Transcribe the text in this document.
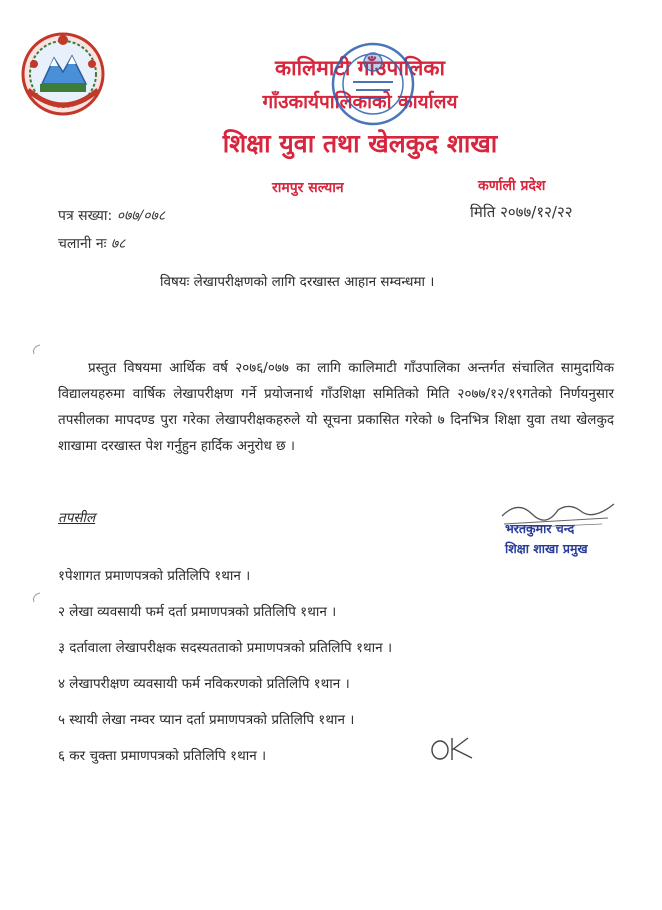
कालिमाटी गाँउपालिका
गाँउकार्यपालिकाको कार्यालय
शिक्षा युवा तथा खेलकुद शाखा
रामपुर सल्यान	कर्णाली प्रदेश
पत्र सख्या: ०७७/०७८
चलानी नः ७८
मिति २०७७/१२/२२
विषयः लेखापरीक्षणको लागि दरखास्त आहान सम्वन्धमा ।
प्रस्तुत विषयमा आर्थिक वर्ष २०७६/०७७ का लागि कालिमाटी गाँउपालिका अन्तर्गत संचालित सामुदायिक विद्यालयहरुमा वार्षिक लेखापरीक्षण गर्ने प्रयोजनार्थ गाँउशिक्षा समितिको मिति २०७७/१२/१९गतेको निर्णयनुसार तपसीलका मापदण्ड पुरा गरेका लेखापरीक्षकहरुले यो सूचना प्रकासित गरेको ७ दिनभित्र शिक्षा युवा तथा खेलकुद शाखामा दरखास्त पेश गर्नुहुन हार्दिक अनुरोध छ ।
तपसील
भरतकुमार चन्द
शिक्षा शाखा प्रमुख
१पेशागत प्रमाणपत्रको प्रतिलिपि १थान ।
२ लेखा व्यवसायी फर्म दर्ता प्रमाणपत्रको प्रतिलिपि १थान ।
३ दर्तावाला लेखापरीक्षक सदस्यतताको प्रमाणपत्रको प्रतिलिपि १थान ।
४ लेखापरीक्षण व्यवसायी फर्म नविकरणको प्रतिलिपि १थान ।
५ स्थायी लेखा नम्वर प्यान दर्ता प्रमाणपत्रको प्रतिलिपि १थान ।
६ कर चुक्ता प्रमाणपत्रको प्रतिलिपि १थान ।
